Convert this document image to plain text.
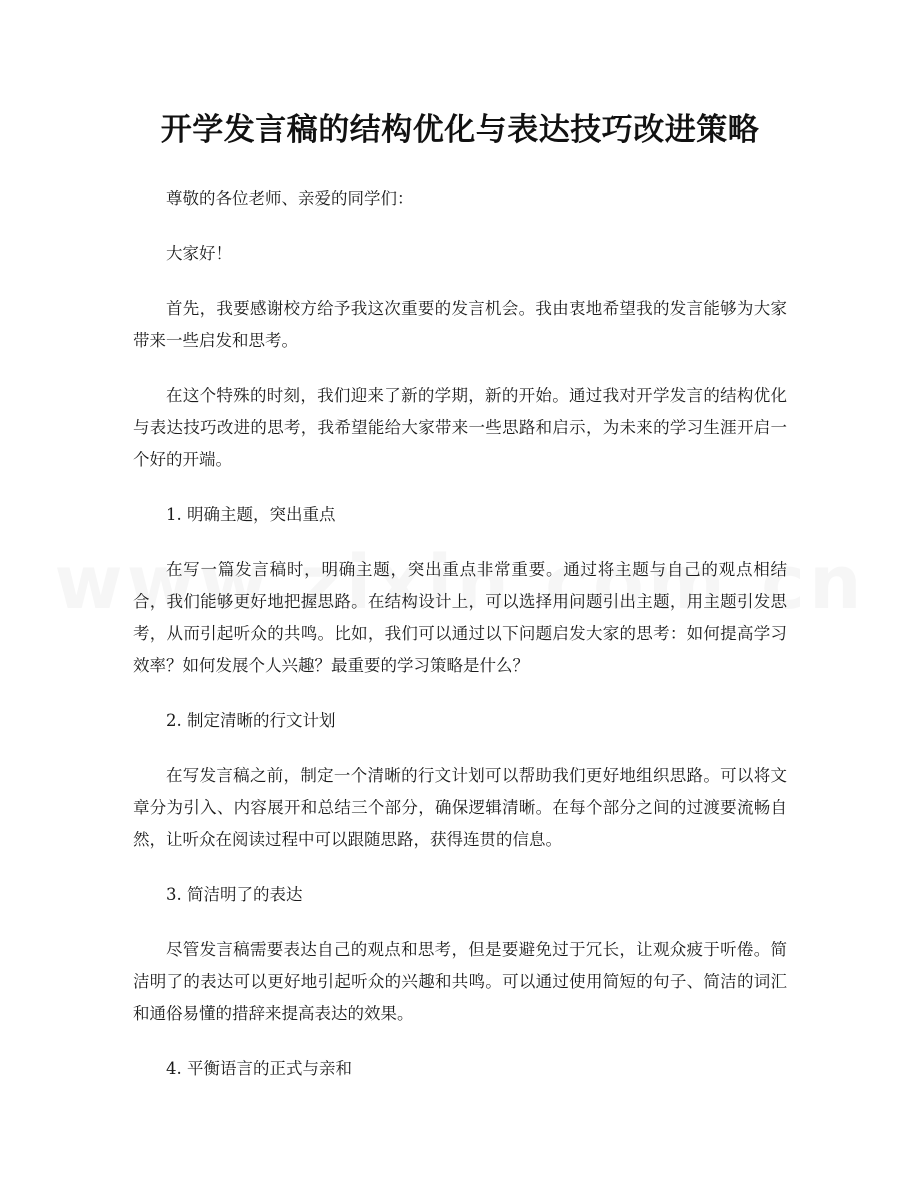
开学发言稿的结构优化与表达技巧改进策略

尊敬的各位老师、亲爱的同学们：

大家好！

首先，我要感谢校方给予我这次重要的发言机会。我由衷地希望我的发言能够为大家带来一些启发和思考。

在这个特殊的时刻，我们迎来了新的学期，新的开始。通过我对开学发言的结构优化与表达技巧改进的思考，我希望能给大家带来一些思路和启示，为未来的学习生涯开启一个好的开端。

1. 明确主题，突出重点

在写一篇发言稿时，明确主题，突出重点非常重要。通过将主题与自己的观点相结合，我们能够更好地把握思路。在结构设计上，可以选择用问题引出主题，用主题引发思考，从而引起听众的共鸣。比如，我们可以通过以下问题启发大家的思考：如何提高学习效率？如何发展个人兴趣？最重要的学习策略是什么？

2. 制定清晰的行文计划

在写发言稿之前，制定一个清晰的行文计划可以帮助我们更好地组织思路。可以将文章分为引入、内容展开和总结三个部分，确保逻辑清晰。在每个部分之间的过渡要流畅自然，让听众在阅读过程中可以跟随思路，获得连贯的信息。

3. 简洁明了的表达

尽管发言稿需要表达自己的观点和思考，但是要避免过于冗长，让观众疲于听倦。简洁明了的表达可以更好地引起听众的兴趣和共鸣。可以通过使用简短的句子、简洁的词汇和通俗易懂的措辞来提高表达的效果。

4. 平衡语言的正式与亲和
